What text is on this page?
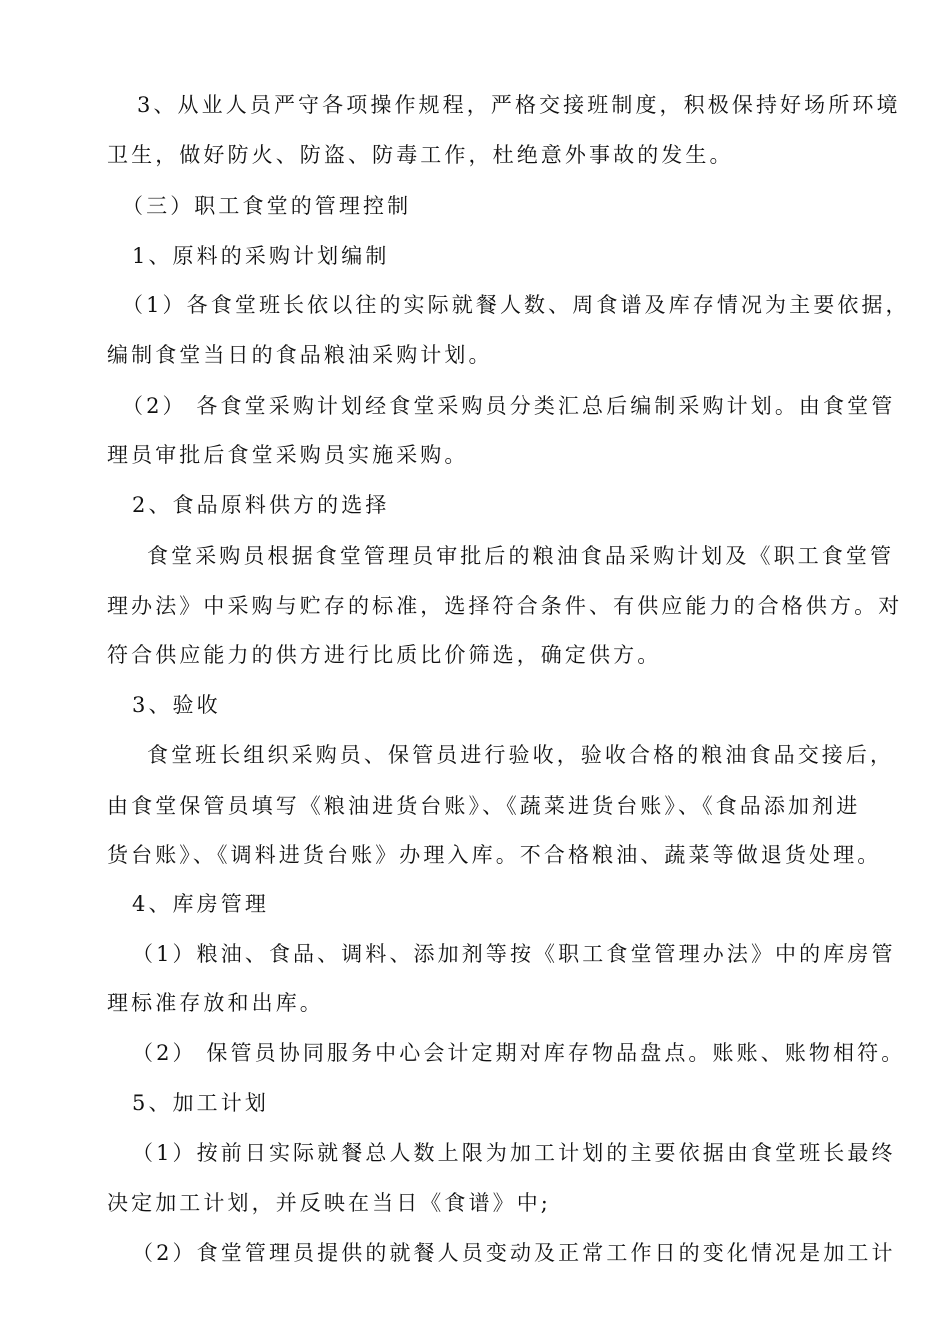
3、从业人员严守各项操作规程，严格交接班制度，积极保持好场所环境
卫生，做好防火、防盗、防毒工作，杜绝意外事故的发生。
（三）职工食堂的管理控制
1、原料的采购计划编制
（1）各食堂班长依以往的实际就餐人数、周食谱及库存情况为主要依据，
编制食堂当日的食品粮油采购计划。
（2） 各食堂采购计划经食堂采购员分类汇总后编制采购计划。由食堂管
理员审批后食堂采购员实施采购。
2、食品原料供方的选择
食堂采购员根据食堂管理员审批后的粮油食品采购计划及《职工食堂管
理办法》中采购与贮存的标准，选择符合条件、有供应能力的合格供方。对
符合供应能力的供方进行比质比价筛选，确定供方。
3、验收
食堂班长组织采购员、保管员进行验收，验收合格的粮油食品交接后，
由食堂保管员填写《粮油进货台账》、《蔬菜进货台账》、《食品添加剂进
货台账》、《调料进货台账》办理入库。不合格粮油、蔬菜等做退货处理。
4、库房管理
（1）粮油、食品、调料、添加剂等按《职工食堂管理办法》中的库房管
理标准存放和出库。
（2） 保管员协同服务中心会计定期对库存物品盘点。账账、账物相符。
5、加工计划
（1）按前日实际就餐总人数上限为加工计划的主要依据由食堂班长最终
决定加工计划，并反映在当日《食谱》中;
（2）食堂管理员提供的就餐人员变动及正常工作日的变化情况是加工计
